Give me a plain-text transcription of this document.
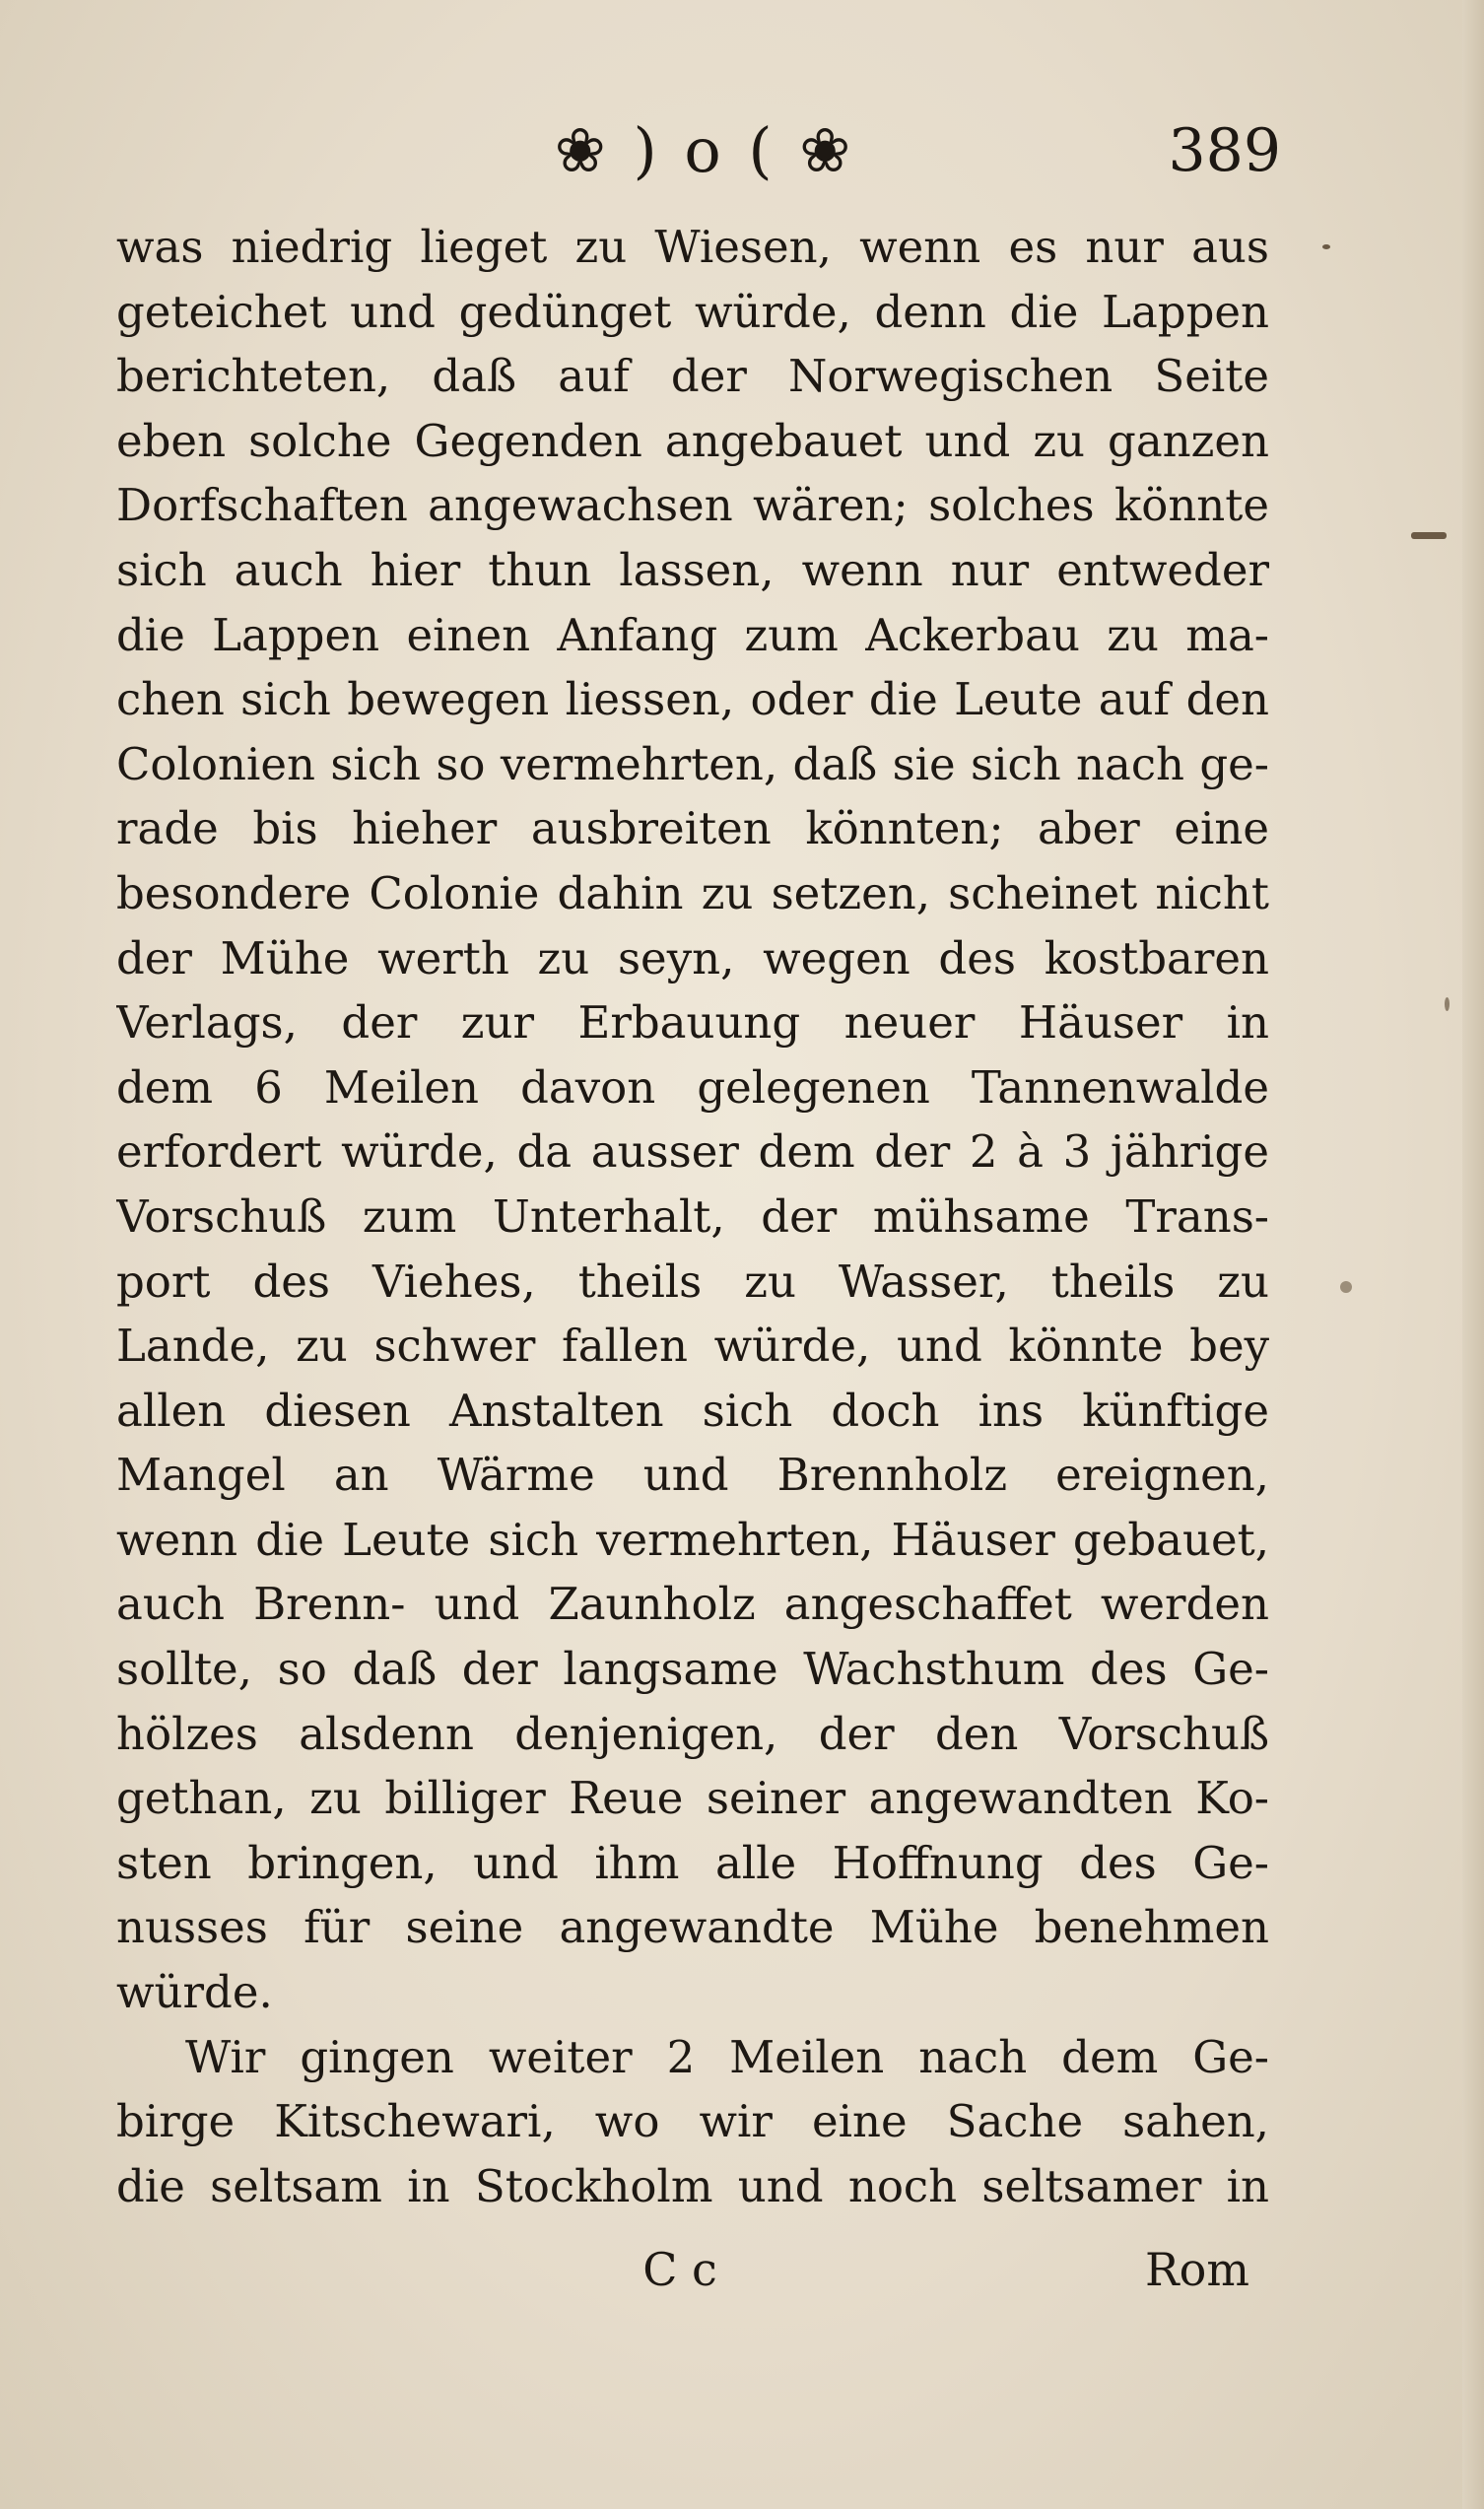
❀ ) o ( ❀	389
was niedrig lieget zu Wiesen, wenn es nur aus
geteichet und gedünget würde, denn die Lappen
berichteten, daß auf der Norwegischen Seite
eben solche Gegenden angebauet und zu ganzen
Dorfschaften angewachsen wären; solches könnte
sich auch hier thun lassen, wenn nur entweder
die Lappen einen Anfang zum Ackerbau zu ma-
chen sich bewegen liessen, oder die Leute auf den
Colonien sich so vermehrten, daß sie sich nach ge-
rade bis hieher ausbreiten könnten; aber eine
besondere Colonie dahin zu setzen, scheinet nicht
der Mühe werth zu seyn, wegen des kostbaren
Verlags, der zur Erbauung neuer Häuser in
dem 6 Meilen davon gelegenen Tannenwalde
erfordert würde, da ausser dem der 2 à 3 jährige
Vorschuß zum Unterhalt, der mühsame Trans-
port des Viehes, theils zu Wasser, theils zu
Lande, zu schwer fallen würde, und könnte bey
allen diesen Anstalten sich doch ins künftige
Mangel an Wärme und Brennholz ereignen,
wenn die Leute sich vermehrten, Häuser gebauet,
auch Brenn- und Zaunholz angeschaffet werden
sollte, so daß der langsame Wachsthum des Ge-
hölzes alsdenn denjenigen, der den Vorschuß
gethan, zu billiger Reue seiner angewandten Ko-
sten bringen, und ihm alle Hoffnung des Ge-
nusses für seine angewandte Mühe benehmen
würde.
Wir gingen weiter 2 Meilen nach dem Ge-
birge Kitschewari, wo wir eine Sache sahen,
die seltsam in Stockholm und noch seltsamer in
C c	Rom
